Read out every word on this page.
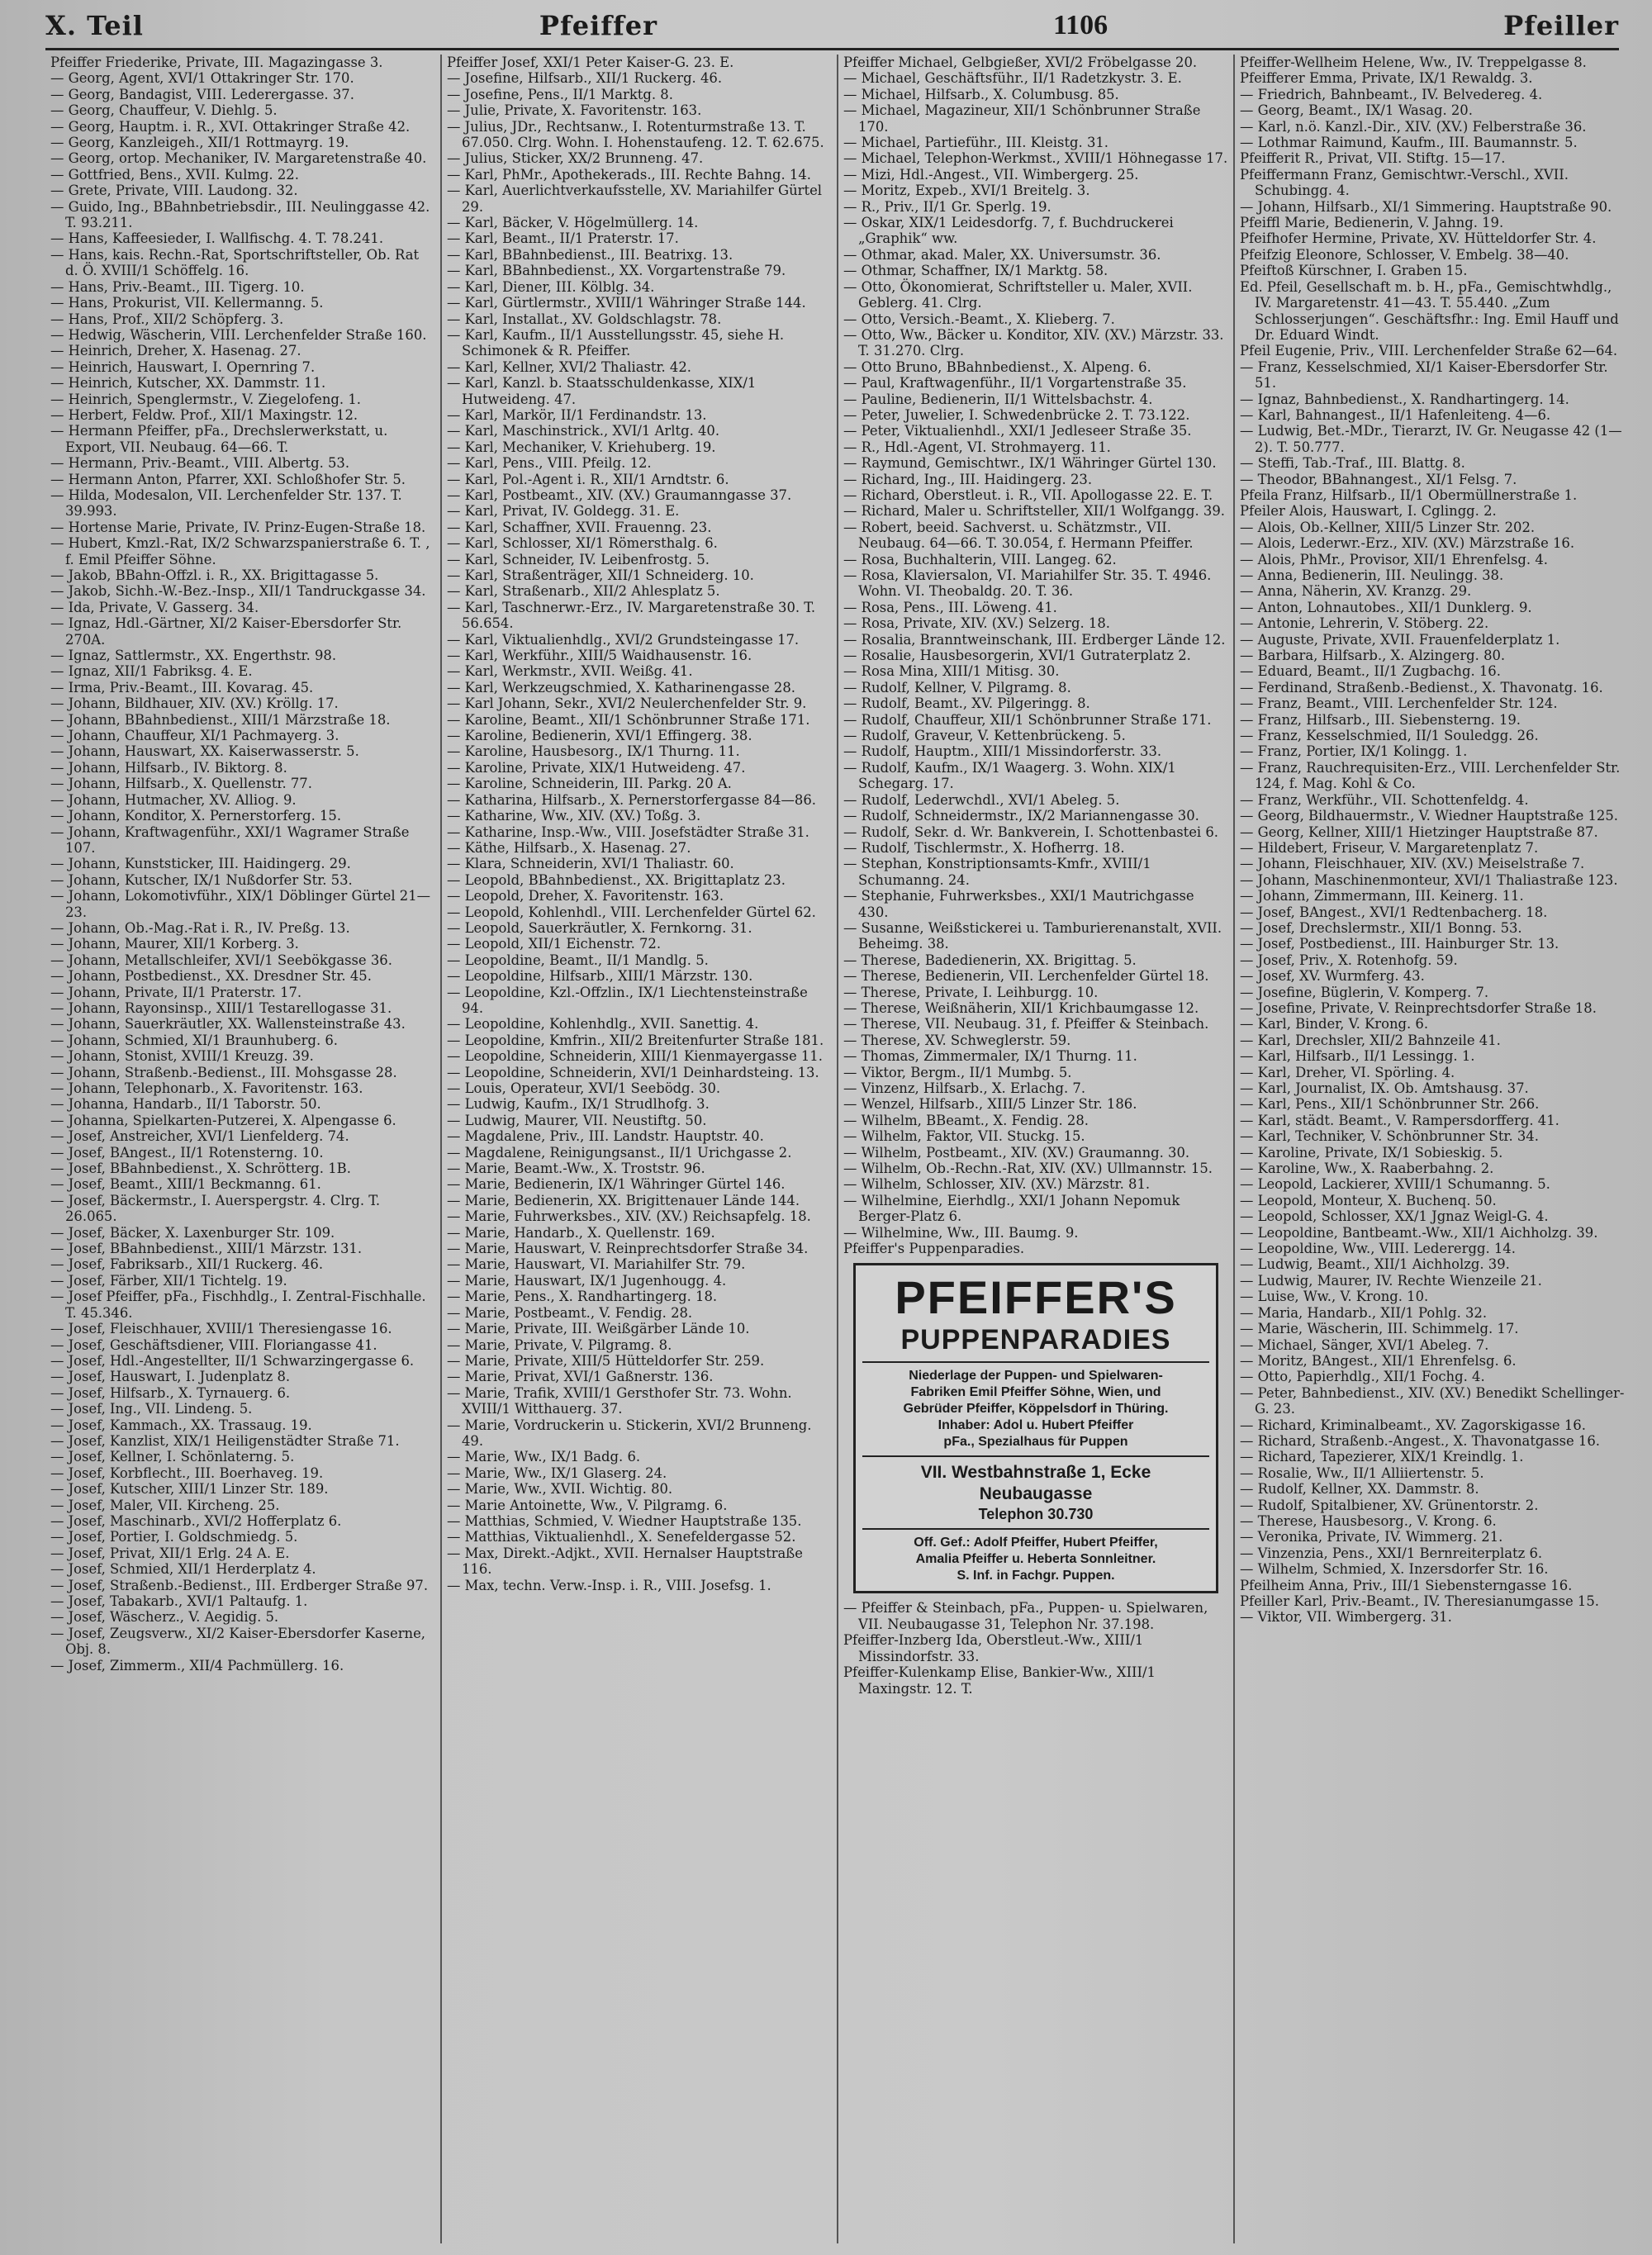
X. Teil	Pfeiffer	1106	Pfeiller

Pfeiffer Friederike, Private, III. Magazingasse 3.

— Georg, Agent, XVI/1 Ottakringer Str. 170.

— Georg, Bandagist, VIII. Lederergasse. 37.

— Georg, Chauffeur, V. Diehlg. 5.

— Georg, Hauptm. i. R., XVI. Ottakringer Straße 42.

— Georg, Kanzleigeh., XII/1 Rottmayrg. 19.

— Georg, ortop. Mechaniker, IV. Margaretenstraße 40.

— Gottfried, Bens., XVII. Kulmg. 22.

— Grete, Private, VIII. Laudong. 32.

— Guido, Ing., BBahnbetriebsdir., III. Neulinggasse 42. T. 93.211.

— Hans, Kaffeesieder, I. Wallfischg. 4. T. 78.241.

— Hans, kais. Rechn.-Rat, Sportschriftsteller, Ob. Rat d. Ö. XVIII/1 Schöffelg. 16.

— Hans, Priv.-Beamt., III. Tigerg. 10.

— Hans, Prokurist, VII. Kellermanng. 5.

— Hans, Prof., XII/2 Schöpferg. 3.

— Hedwig, Wäscherin, VIII. Lerchenfelder Straße 160.

— Heinrich, Dreher, X. Hasenag. 27.

— Heinrich, Hauswart, I. Opernring 7.

— Heinrich, Kutscher, XX. Dammstr. 11.

— Heinrich, Spenglermstr., V. Ziegelofeng. 1.

— Herbert, Feldw. Prof., XII/1 Maxingstr. 12.

— Hermann Pfeiffer, pFa., Drechslerwerkstatt, u. Export, VII. Neubaug. 64—66. T.

— Hermann, Priv.-Beamt., VIII. Albertg. 53.

— Hermann Anton, Pfarrer, XXI. Schloßhofer Str. 5.

— Hilda, Modesalon, VII. Lerchenfelder Str. 137. T. 39.993.

— Hortense Marie, Private, IV. Prinz-Eugen-Straße 18.

— Hubert, Kmzl.-Rat, IX/2 Schwarzspanierstraße 6. T. , f. Emil Pfeiffer Söhne.

— Jakob, BBahn-Offzl. i. R., XX. Brigittagasse 5.

— Jakob, Sichh.-W.-Bez.-Insp., XII/1 Tandruckgasse 34.

— Ida, Private, V. Gasserg. 34.

— Ignaz, Hdl.-Gärtner, XI/2 Kaiser-Ebersdorfer Str. 270A.

— Ignaz, Sattlermstr., XX. Engerthstr. 98.

— Ignaz, XII/1 Fabriksg. 4. E.

— Irma, Priv.-Beamt., III. Kovarag. 45.

— Johann, Bildhauer, XIV. (XV.) Kröllg. 17.

— Johann, BBahnbedienst., XIII/1 Märzstraße 18.

— Johann, Chauffeur, XI/1 Pachmayerg. 3.

— Johann, Hauswart, XX. Kaiserwasserstr. 5.

— Johann, Hilfsarb., IV. Biktorg. 8.

— Johann, Hilfsarb., X. Quellenstr. 77.

— Johann, Hutmacher, XV. Alliog. 9.

— Johann, Konditor, X. Pernerstorferg. 15.

— Johann, Kraftwagenführ., XXI/1 Wagramer Straße 107.

— Johann, Kunststicker, III. Haidingerg. 29.

— Johann, Kutscher, IX/1 Nußdorfer Str. 53.

— Johann, Lokomotivführ., XIX/1 Döblinger Gürtel 21—23.

— Johann, Ob.-Mag.-Rat i. R., IV. Preßg. 13.

— Johann, Maurer, XII/1 Korberg. 3.

— Johann, Metallschleifer, XVI/1 Seebökgasse 36.

— Johann, Postbedienst., XX. Dresdner Str. 45.

— Johann, Private, II/1 Praterstr. 17.

— Johann, Rayonsinsp., XIII/1 Testarellogasse 31.

— Johann, Sauerkräutler, XX. Wallensteinstraße 43.

— Johann, Schmied, XI/1 Braunhuberg. 6.

— Johann, Stonist, XVIII/1 Kreuzg. 39.

— Johann, Straßenb.-Bedienst., III. Mohsgasse 28.

— Johann, Telephonarb., X. Favoritenstr. 163.

— Johanna, Handarb., II/1 Taborstr. 50.

— Johanna, Spielkarten-Putzerei, X. Alpengasse 6.

— Josef, Anstreicher, XVI/1 Lienfelderg. 74.

— Josef, BAngest., II/1 Rotensterng. 10.

— Josef, BBahnbedienst., X. Schrötterg. 1B.

— Josef, Beamt., XIII/1 Beckmanng. 61.

— Josef, Bäckermstr., I. Auerspergstr. 4. Clrg. T. 26.065.

— Josef, Bäcker, X. Laxenburger Str. 109.

— Josef, BBahnbedienst., XIII/1 Märzstr. 131.

— Josef, Fabriksarb., XII/1 Ruckerg. 46.

— Josef, Färber, XII/1 Tichtelg. 19.

— Josef Pfeiffer, pFa., Fischhdlg., I. Zentral-Fischhalle. T. 45.346.

— Josef, Fleischhauer, XVIII/1 Theresiengasse 16.

— Josef, Geschäftsdiener, VIII. Floriangasse 41.

— Josef, Hdl.-Angestellter, II/1 Schwarzingergasse 6.

— Josef, Hauswart, I. Judenplatz 8.

— Josef, Hilfsarb., X. Tyrnauerg. 6.

— Josef, Ing., VII. Lindeng. 5.

— Josef, Kammach., XX. Trassaug. 19.

— Josef, Kanzlist, XIX/1 Heiligenstädter Straße 71.

— Josef, Kellner, I. Schönlaterng. 5.

— Josef, Korbflecht., III. Boerhaveg. 19.

— Josef, Kutscher, XIII/1 Linzer Str. 189.

— Josef, Maler, VII. Kircheng. 25.

— Josef, Maschinarb., XVI/2 Hofferplatz 6.

— Josef, Portier, I. Goldschmiedg. 5.

— Josef, Privat, XII/1 Erlg. 24 A. E.

— Josef, Schmied, XII/1 Herderplatz 4.

— Josef, Straßenb.-Bedienst., III. Erdberger Straße 97.

— Josef, Tabakarb., XVI/1 Paltaufg. 1.

— Josef, Wäscherz., V. Aegidig. 5.

— Josef, Zeugsverw., XI/2 Kaiser-Ebersdorfer Kaserne, Obj. 8.

— Josef, Zimmerm., XII/4 Pachmüllerg. 16.

Pfeiffer Josef, XXI/1 Peter Kaiser-G. 23. E.

— Josefine, Hilfsarb., XII/1 Ruckerg. 46.

— Josefine, Pens., II/1 Marktg. 8.

— Julie, Private, X. Favoritenstr. 163.

— Julius, JDr., Rechtsanw., I. Rotenturmstraße 13. T. 67.050. Clrg. Wohn. I. Hohenstaufeng. 12. T. 62.675.

— Julius, Sticker, XX/2 Brunneng. 47.

— Karl, PhMr., Apothekerads., III. Rechte Bahng. 14.

— Karl, Auerlichtverkaufsstelle, XV. Mariahilfer Gürtel 29.

— Karl, Bäcker, V. Högelmüllerg. 14.

— Karl, Beamt., II/1 Praterstr. 17.

— Karl, BBahnbedienst., III. Beatrixg. 13.

— Karl, BBahnbedienst., XX. Vorgartenstraße 79.

— Karl, Diener, III. Kölblg. 34.

— Karl, Gürtlermstr., XVIII/1 Währinger Straße 144.

— Karl, Installat., XV. Goldschlagstr. 78.

— Karl, Kaufm., II/1 Ausstellungsstr. 45, siehe H. Schimonek & R. Pfeiffer.

— Karl, Kellner, XVI/2 Thaliastr. 42.

— Karl, Kanzl. b. Staatsschuldenkasse, XIX/1 Hutweideng. 47.

— Karl, Markör, II/1 Ferdinandstr. 13.

— Karl, Maschinstrick., XVI/1 Arltg. 40.

— Karl, Mechaniker, V. Kriehuberg. 19.

— Karl, Pens., VIII. Pfeilg. 12.

— Karl, Pol.-Agent i. R., XII/1 Arndtstr. 6.

— Karl, Postbeamt., XIV. (XV.) Graumanngasse 37.

— Karl, Privat, IV. Goldegg. 31. E.

— Karl, Schaffner, XVII. Frauenng. 23.

— Karl, Schlosser, XI/1 Römersthalg. 6.

— Karl, Schneider, IV. Leibenfrostg. 5.

— Karl, Straßenträger, XII/1 Schneiderg. 10.

— Karl, Straßenarb., XII/2 Ahlesplatz 5.

— Karl, Taschnerwr.-Erz., IV. Margaretenstraße 30. T. 56.654.

— Karl, Viktualienhdlg., XVI/2 Grundsteingasse 17.

— Karl, Werkführ., XIII/5 Waidhausenstr. 16.

— Karl, Werkmstr., XVII. Weißg. 41.

— Karl, Werkzeugschmied, X. Katharinengasse 28.

— Karl Johann, Sekr., XVI/2 Neulerchenfelder Str. 9.

— Karoline, Beamt., XII/1 Schönbrunner Straße 171.

— Karoline, Bedienerin, XVI/1 Effingerg. 38.

— Karoline, Hausbesorg., IX/1 Thurng. 11.

— Karoline, Private, XIX/1 Hutweideng. 47.

— Karoline, Schneiderin, III. Parkg. 20 A.

— Katharina, Hilfsarb., X. Pernerstorfergasse 84—86.

— Katharine, Ww., XIV. (XV.) Toßg. 3.

— Katharine, Insp.-Ww., VIII. Josefstädter Straße 31.

— Käthe, Hilfsarb., X. Hasenag. 27.

— Klara, Schneiderin, XVI/1 Thaliastr. 60.

— Leopold, BBahnbedienst., XX. Brigittaplatz 23.

— Leopold, Dreher, X. Favoritenstr. 163.

— Leopold, Kohlenhdl., VIII. Lerchenfelder Gürtel 62.

— Leopold, Sauerkräutler, X. Fernkorng. 31.

— Leopold, XII/1 Eichenstr. 72.

— Leopoldine, Beamt., II/1 Mandlg. 5.

— Leopoldine, Hilfsarb., XIII/1 Märzstr. 130.

— Leopoldine, Kzl.-Offzlin., IX/1 Liechtensteinstraße 94.

— Leopoldine, Kohlenhdlg., XVII. Sanettig. 4.

— Leopoldine, Kmfrin., XII/2 Breitenfurter Straße 181.

— Leopoldine, Schneiderin, XIII/1 Kienmayergasse 11.

— Leopoldine, Schneiderin, XVI/1 Deinhardsteing. 13.

— Louis, Operateur, XVI/1 Seebödg. 30.

— Ludwig, Kaufm., IX/1 Strudlhofg. 3.

— Ludwig, Maurer, VII. Neustiftg. 50.

— Magdalene, Priv., III. Landstr. Hauptstr. 40.

— Magdalene, Reinigungsanst., II/1 Urichgasse 2.

— Marie, Beamt.-Ww., X. Troststr. 96.

— Marie, Bedienerin, IX/1 Währinger Gürtel 146.

— Marie, Bedienerin, XX. Brigittenauer Lände 144.

— Marie, Fuhrwerksbes., XIV. (XV.) Reichsapfelg. 18.

— Marie, Handarb., X. Quellenstr. 169.

— Marie, Hauswart, V. Reinprechtsdorfer Straße 34.

— Marie, Hauswart, VI. Mariahilfer Str. 79.

— Marie, Hauswart, IX/1 Jugenhougg. 4.

— Marie, Pens., X. Randhartingerg. 18.

— Marie, Postbeamt., V. Fendig. 28.

— Marie, Private, III. Weißgärber Lände 10.

— Marie, Private, V. Pilgramg. 8.

— Marie, Private, XIII/5 Hütteldorfer Str. 259.

— Marie, Privat, XVI/1 Gaßnerstr. 136.

— Marie, Trafik, XVIII/1 Gersthofer Str. 73. Wohn. XVIII/1 Witthauerg. 37.

— Marie, Vordruckerin u. Stickerin, XVI/2 Brunneng. 49.

— Marie, Ww., IX/1 Badg. 6.

— Marie, Ww., IX/1 Glaserg. 24.

— Marie, Ww., XVII. Wichtig. 80.

— Marie Antoinette, Ww., V. Pilgramg. 6.

— Matthias, Schmied, V. Wiedner Hauptstraße 135.

— Matthias, Viktualienhdl., X. Senefeldergasse 52.

— Max, Direkt.-Adjkt., XVII. Hernalser Hauptstraße 116.

— Max, techn. Verw.-Insp. i. R., VIII. Josefsg. 1.

Pfeiffer Michael, Gelbgießer, XVI/2 Fröbelgasse 20.

— Michael, Geschäftsführ., II/1 Radetzkystr. 3. E.

— Michael, Hilfsarb., X. Columbusg. 85.

— Michael, Magazineur, XII/1 Schönbrunner Straße 170.

— Michael, Partieführ., III. Kleistg. 31.

— Michael, Telephon-Werkmst., XVIII/1 Höhnegasse 17.

— Mizi, Hdl.-Angest., VII. Wimbergerg. 25.

— Moritz, Expeb., XVI/1 Breitelg. 3.

— R., Priv., II/1 Gr. Sperlg. 19.

— Oskar, XIX/1 Leidesdorfg. 7, f. Buchdruckerei „Graphik“ ww.

— Othmar, akad. Maler, XX. Universumstr. 36.

— Othmar, Schaffner, IX/1 Marktg. 58.

— Otto, Ökonomierat, Schriftsteller u. Maler, XVII. Geblerg. 41. Clrg.

— Otto, Versich.-Beamt., X. Klieberg. 7.

— Otto, Ww., Bäcker u. Konditor, XIV. (XV.) Märzstr. 33. T. 31.270. Clrg.

— Otto Bruno, BBahnbedienst., X. Alpeng. 6.

— Paul, Kraftwagenführ., II/1 Vorgartenstraße 35.

— Pauline, Bedienerin, II/1 Wittelsbachstr. 4.

— Peter, Juwelier, I. Schwedenbrücke 2. T. 73.122.

— Peter, Viktualienhdl., XXI/1 Jedleseer Straße 35.

— R., Hdl.-Agent, VI. Strohmayerg. 11.

— Raymund, Gemischtwr., IX/1 Währinger Gürtel 130.

— Richard, Ing., III. Haidingerg. 23.

— Richard, Oberstleut. i. R., VII. Apollogasse 22. E. T.

— Richard, Maler u. Schriftsteller, XII/1 Wolfgangg. 39.

— Robert, beeid. Sachverst. u. Schätzmstr., VII. Neubaug. 64—66. T. 30.054, f. Hermann Pfeiffer.

— Rosa, Buchhalterin, VIII. Langeg. 62.

— Rosa, Klaviersalon, VI. Mariahilfer Str. 35. T. 4946. Wohn. VI. Theobaldg. 20. T. 36.

— Rosa, Pens., III. Löweng. 41.

— Rosa, Private, XIV. (XV.) Selzerg. 18.

— Rosalia, Branntweinschank, III. Erdberger Lände 12.

— Rosalie, Hausbesorgerin, XVI/1 Gutraterplatz 2.

— Rosa Mina, XIII/1 Mitisg. 30.

— Rudolf, Kellner, V. Pilgramg. 8.

— Rudolf, Beamt., XV. Pilgeringg. 8.

— Rudolf, Chauffeur, XII/1 Schönbrunner Straße 171.

— Rudolf, Graveur, V. Kettenbrückeng. 5.

— Rudolf, Hauptm., XIII/1 Missindorferstr. 33.

— Rudolf, Kaufm., IX/1 Waagerg. 3. Wohn. XIX/1 Schegarg. 17.

— Rudolf, Lederwchdl., XVI/1 Abeleg. 5.

— Rudolf, Schneidermstr., IX/2 Mariannengasse 30.

— Rudolf, Sekr. d. Wr. Bankverein, I. Schottenbastei 6.

— Rudolf, Tischlermstr., X. Hofherrg. 18.

— Stephan, Konstriptionsamts-Kmfr., XVIII/1 Schumanng. 24.

— Stephanie, Fuhrwerksbes., XXI/1 Mautrichgasse 430.

— Susanne, Weißstickerei u. Tamburierenanstalt, XVII. Beheimg. 38.

— Therese, Badedienerin, XX. Brigittag. 5.

— Therese, Bedienerin, VII. Lerchenfelder Gürtel 18.

— Therese, Private, I. Leihburgg. 10.

— Therese, Weißnäherin, XII/1 Krichbaumgasse 12.

— Therese, VII. Neubaug. 31, f. Pfeiffer & Steinbach.

— Therese, XV. Schweglerstr. 59.

— Thomas, Zimmermaler, IX/1 Thurng. 11.

— Viktor, Bergm., II/1 Mumbg. 5.

— Vinzenz, Hilfsarb., X. Erlachg. 7.

— Wenzel, Hilfsarb., XIII/5 Linzer Str. 186.

— Wilhelm, BBeamt., X. Fendig. 28.

— Wilhelm, Faktor, VII. Stuckg. 15.

— Wilhelm, Postbeamt., XIV. (XV.) Graumanng. 30.

— Wilhelm, Ob.-Rechn.-Rat, XIV. (XV.) Ullmannstr. 15.

— Wilhelm, Schlosser, XIV. (XV.) Märzstr. 81.

— Wilhelmine, Eierhdlg., XXI/1 Johann Nepomuk Berger-Platz 6.

— Wilhelmine, Ww., III. Baumg. 9.

Pfeiffer's Puppenparadies.

PFEIFFER'S
PUPPENPARADIES
Niederlage der Puppen- und Spielwaren-
Fabriken Emil Pfeiffer Söhne, Wien, und
Gebrüder Pfeiffer, Köppelsdorf in Thüring.
Inhaber: Adol u. Hubert Pfeiffer
pFa., Spezialhaus für Puppen
VII. Westbahnstraße 1, Ecke Neubaugasse
Telephon 30.730
Off. Gef.: Adolf Pfeiffer, Hubert Pfeiffer,
Amalia Pfeiffer u. Heberta Sonnleitner.
S. Inf. in Fachgr. Puppen.

— Pfeiffer & Steinbach, pFa., Puppen- u. Spielwaren, VII. Neubaugasse 31, Telephon Nr. 37.198.

Pfeiffer-Inzberg Ida, Oberstleut.-Ww., XIII/1 Missindorfstr. 33.

Pfeiffer-Kulenkamp Elise, Bankier-Ww., XIII/1 Maxingstr. 12. T.

Pfeiffer-Wellheim Helene, Ww., IV. Treppelgasse 8.

Pfeifferer Emma, Private, IX/1 Rewaldg. 3.

— Friedrich, Bahnbeamt., IV. Belvedereg. 4.

— Georg, Beamt., IX/1 Wasag. 20.

— Karl, n.ö. Kanzl.-Dir., XIV. (XV.) Felberstraße 36.

— Lothmar Raimund, Kaufm., III. Baumannstr. 5.

Pfeifferit R., Privat, VII. Stiftg. 15—17.

Pfeiffermann Franz, Gemischtwr.-Verschl., XVII. Schubingg. 4.

— Johann, Hilfsarb., XI/1 Simmering. Hauptstraße 90.

Pfeiffl Marie, Bedienerin, V. Jahng. 19.

Pfeifhofer Hermine, Private, XV. Hütteldorfer Str. 4.

Pfeifzig Eleonore, Schlosser, V. Embelg. 38—40.

Pfeiftoß Kürschner, I. Graben 15.

Ed. Pfeil, Gesellschaft m. b. H., pFa., Gemischtwhdlg., IV. Margaretenstr. 41—43. T. 55.440. „Zum Schlosserjungen“. Geschäftsfhr.: Ing. Emil Hauff und Dr. Eduard Windt.

Pfeil Eugenie, Priv., VIII. Lerchenfelder Straße 62—64.

— Franz, Kesselschmied, XI/1 Kaiser-Ebersdorfer Str. 51.

— Ignaz, Bahnbedienst., X. Randhartingerg. 14.

— Karl, Bahnangest., II/1 Hafenleiteng. 4—6.

— Ludwig, Bet.-MDr., Tierarzt, IV. Gr. Neugasse 42 (1—2). T. 50.777.

— Steffi, Tab.-Traf., III. Blattg. 8.

— Theodor, BBahnangest., XI/1 Felsg. 7.

Pfeila Franz, Hilfsarb., II/1 Obermüllnerstraße 1.

Pfeiler Alois, Hauswart, I. Cglingg. 2.

— Alois, Ob.-Kellner, XIII/5 Linzer Str. 202.

— Alois, Lederwr.-Erz., XIV. (XV.) Märzstraße 16.

— Alois, PhMr., Provisor, XII/1 Ehrenfelsg. 4.

— Anna, Bedienerin, III. Neulingg. 38.

— Anna, Näherin, XV. Kranzg. 29.

— Anton, Lohnautobes., XII/1 Dunklerg. 9.

— Antonie, Lehrerin, V. Stöberg. 22.

— Auguste, Private, XVII. Frauenfelderplatz 1.

— Barbara, Hilfsarb., X. Alzingerg. 80.

— Eduard, Beamt., II/1 Zugbachg. 16.

— Ferdinand, Straßenb.-Bedienst., X. Thavonatg. 16.

— Franz, Beamt., VIII. Lerchenfelder Str. 124.

— Franz, Hilfsarb., III. Siebensterng. 19.

— Franz, Kesselschmied, II/1 Souledgg. 26.

— Franz, Portier, IX/1 Kolingg. 1.

— Franz, Rauchrequisiten-Erz., VIII. Lerchenfelder Str. 124, f. Mag. Kohl & Co.

— Franz, Werkführ., VII. Schottenfeldg. 4.

— Georg, Bildhauermstr., V. Wiedner Hauptstraße 125.

— Georg, Kellner, XIII/1 Hietzinger Hauptstraße 87.

— Hildebert, Friseur, V. Margaretenplatz 7.

— Johann, Fleischhauer, XIV. (XV.) Meiselstraße 7.

— Johann, Maschinenmonteur, XVI/1 Thaliastraße 123.

— Johann, Zimmermann, III. Keinerg. 11.

— Josef, BAngest., XVI/1 Redtenbacherg. 18.

— Josef, Drechslermstr., XII/1 Bonng. 53.

— Josef, Postbedienst., III. Hainburger Str. 13.

— Josef, Priv., X. Rotenhofg. 59.

— Josef, XV. Wurmferg. 43.

— Josefine, Büglerin, V. Komperg. 7.

— Josefine, Private, V. Reinprechtsdorfer Straße 18.

— Karl, Binder, V. Krong. 6.

— Karl, Drechsler, XII/2 Bahnzeile 41.

— Karl, Hilfsarb., II/1 Lessingg. 1.

— Karl, Dreher, VI. Spörling. 4.

— Karl, Journalist, IX. Ob. Amtshausg. 37.

— Karl, Pens., XII/1 Schönbrunner Str. 266.

— Karl, städt. Beamt., V. Rampersdorfferg. 41.

— Karl, Techniker, V. Schönbrunner Str. 34.

— Karoline, Private, IX/1 Sobieskig. 5.

— Karoline, Ww., X. Raaberbahng. 2.

— Leopold, Lackierer, XVIII/1 Schumanng. 5.

— Leopold, Monteur, X. Buchenq. 50.

— Leopold, Schlosser, XX/1 Jgnaz Weigl-G. 4.

— Leopoldine, Bantbeamt.-Ww., XII/1 Aichholzg. 39.

— Leopoldine, Ww., VIII. Lederergg. 14.

— Ludwig, Beamt., XII/1 Aichholzg. 39.

— Ludwig, Maurer, IV. Rechte Wienzeile 21.

— Luise, Ww., V. Krong. 10.

— Maria, Handarb., XII/1 Pohlg. 32.

— Marie, Wäscherin, III. Schimmelg. 17.

— Michael, Sänger, XVI/1 Abeleg. 7.

— Moritz, BAngest., XII/1 Ehrenfelsg. 6.

— Otto, Papierhdlg., XII/1 Fochg. 4.

— Peter, Bahnbedienst., XIV. (XV.) Benedikt Schellinger-G. 23.

— Richard, Kriminalbeamt., XV. Zagorskigasse 16.

— Richard, Straßenb.-Angest., X. Thavonatgasse 16.

— Richard, Tapezierer, XIX/1 Kreindlg. 1.

— Rosalie, Ww., II/1 Alliiertenstr. 5.

— Rudolf, Kellner, XX. Dammstr. 8.

— Rudolf, Spitalbiener, XV. Grünentorstr. 2.

— Therese, Hausbesorg., V. Krong. 6.

— Veronika, Private, IV. Wimmerg. 21.

— Vinzenzia, Pens., XXI/1 Bernreiterplatz 6.

— Wilhelm, Schmied, X. Inzersdorfer Str. 16.

Pfeilheim Anna, Priv., III/1 Siebensterngasse 16.

Pfeiller Karl, Priv.-Beamt., IV. Theresianumgasse 15.

— Viktor, VII. Wimbergerg. 31.
